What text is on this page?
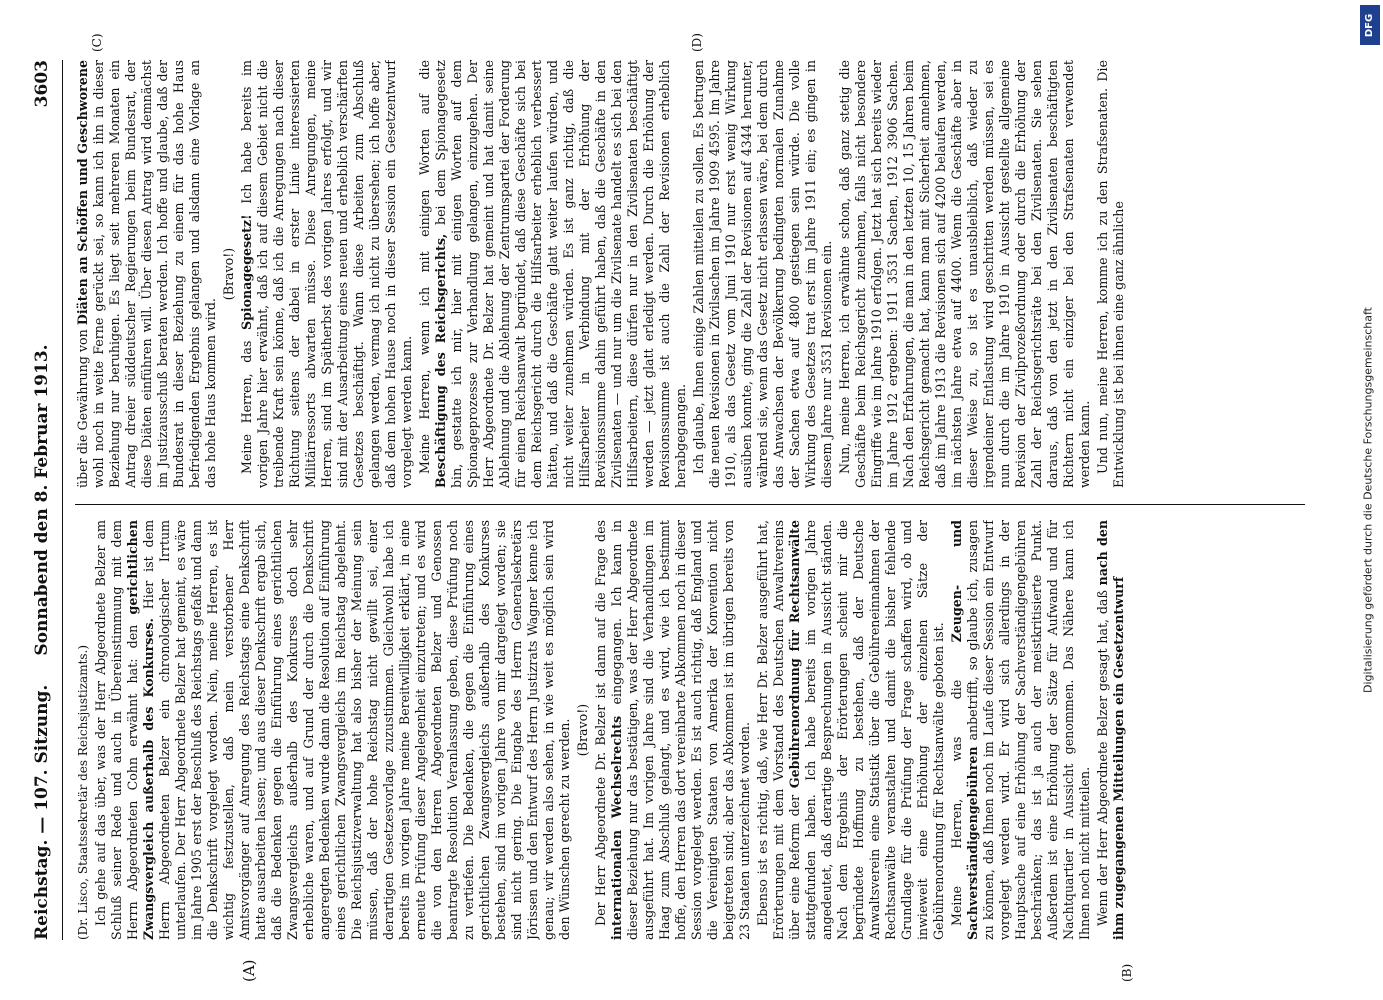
Reichstag. — 107. Sitzung.
Sonnabend den 8. Februar 1913.
3603
(A)	(B)
(C)	(D)

(Dr. Lisco, Staatssekretär des Reichsjustizamts.) Ich gehe auf das über, was der Herr Abgeordnete Belzer am Schluß seiner Rede und auch in Übereinstimmung mit dem Herrn Abgeordneten Cohn erwähnt hat: den gerichtlichen Zwangsvergleich außerhalb des Konkurses. Hier ist dem Herrn Abgeordneten Belzer ein chronologischer Irrtum unterlaufen. Der Herr Abgeordnete Belzer hat gemeint, es wäre im Jahre 1905 erst der Beschluß des Reichstags gefaßt und dann die Denkschrift vorgelegt worden. Nein, meine Herren, es ist wichtig festzustellen, daß mein verstorbener Herr Amtsvorgänger auf Anregung des Reichstags eine Denkschrift hatte ausarbeiten lassen; und aus dieser Denkschrift ergab sich, daß die Bedenken gegen die Einführung eines gerichtlichen Zwangsvergleichs außerhalb des Konkurses doch sehr erhebliche waren, und auf Grund der durch die Denkschrift angeregten Bedenken wurde dann die Resolution auf Einführung eines gerichtlichen Zwangsvergleichs im Reichstag abgelehnt. Die Reichsjustizverwaltung hat also bisher der Meinung sein müssen, daß der hohe Reichstag nicht gewillt sei, einer derartigen Gesetzesvorlage zuzustimmen. Gleichwohl habe ich bereits im vorigen Jahre meine Bereitwilligkeit erklärt, in eine erneute Prüfung dieser Angelegenheit einzutreten; und es wird die von den Herren Abgeordneten Belzer und Genossen beantragte Resolution Veranlassung geben, diese Prüfung noch zu vertiefen. Die Bedenken, die gegen die Einführung eines gerichtlichen Zwangsvergleichs außerhalb des Konkurses bestehen, sind im vorigen Jahre von mir dargelegt worden; sie sind nicht gering. Die Eingabe des Herrn Generalsekretärs Jörissen und den Entwurf des Herrn Justizrats Wagner kenne ich genau; wir werden also sehen, in wie weit es möglich sein wird den Wünschen gerecht zu werden. (Bravo!) Der Herr Abgeordnete Dr. Belzer ist dann auf die Frage des internationalen Wechselrechts eingegangen. Ich kann in dieser Beziehung nur das bestätigen, was der Herr Abgeordnete ausgeführt hat. Im vorigen Jahre sind die Verhandlungen im Haag zum Abschluß gelangt, und es wird, wie ich bestimmt hoffe, den Herren das dort vereinbarte Abkommen noch in dieser Session vorgelegt werden. Es ist auch richtig, daß England und die Vereinigten Staaten von Amerika der Konvention nicht beigetreten sind; aber das Abkommen ist im übrigen bereits von 23 Staaten unterzeichnet worden. Ebenso ist es richtig, daß, wie Herr Dr. Belzer ausgeführt hat, Erörterungen mit dem Vorstand des Deutschen Anwaltvereins über eine Reform der Gebührenordnung für Rechtsanwälte stattgefunden haben. Ich habe bereits im vorigen Jahre angedeutet, daß derartige Besprechungen in Aussicht ständen. Nach dem Ergebnis der Erörterungen scheint mir die begründete Hoffnung zu bestehen, daß der Deutsche Anwaltsverein eine Statistik über die Gebühreneinnahmen der Rechtsanwälte veranstalten und damit die bisher fehlende Grundlage für die Prüfung der Frage schaffen wird, ob und inwieweit eine Erhöhung der einzelnen Sätze der Gebührenordnung für Rechtsanwälte geboten ist. Meine Herren, was die Zeugen- und Sachverständigengebühren anbetrifft, so glaube ich, zusagen zu können, daß Ihnen noch im Laufe dieser Session ein Entwurf vorgelegt werden wird. Er wird sich allerdings in der Hauptsache auf eine Erhöhung der Sachverständigengebühren beschränken; das ist ja auch der meistkritisierte Punkt. Außerdem ist eine Erhöhung der Sätze für Aufwand und für Nachtquartier in Aussicht genommen. Das Nähere kann ich Ihnen noch nicht mitteilen. Wenn der Herr Abgeordnete Belzer gesagt hat, daß nach den ihm zugegangenen Mitteilungen ein Gesetzentwurf

über die Gewährung von Diäten an Schöffen und Geschworene wohl noch in weite Ferne gerückt sei, so kann ich ihn in dieser Beziehung nur beruhigen. Es liegt seit mehreren Monaten ein Antrag dreier süddeutscher Regierungen beim Bundesrat, der diese Diäten einführen will. Über diesen Antrag wird demnächst im Justizausschuß beraten werden. Ich hoffe und glaube, daß der Bundesrat in dieser Beziehung zu einem für das hohe Haus befriedigenden Ergebnis gelangen und alsdann eine Vorlage an das hohe Haus kommen wird.

(Bravo!)

Meine Herren, das Spionagegesetz! Ich habe bereits im vorigen Jahre hier erwähnt, daß ich auf diesem Gebiet nicht die treibende Kraft sein könne, daß ich die Anregungen nach dieser Richtung seitens der dabei in erster Linie interessierten Militärressorts abwarten müsse. Diese Anregungen, meine Herren, sind im Spätherbst des vorigen Jahres erfolgt, und wir sind mit der Ausarbeitung eines neuen und erheblich verschärften Gesetzes beschäftigt. Wann diese Arbeiten zum Abschluß gelangen werden, vermag ich nicht zu übersehen; ich hoffe aber, daß dem hohen Hause noch in dieser Session ein Gesetzentwurf vorgelegt werden kann. Meine Herren, wenn ich mit einigen Worten auf die Beschäftigung des Reichsgerichts, bei dem Spionagegesetz bin, gestatte ich mir, hier mit einigen Worten auf dem Spionageprozesse zur Verhandlung gelangen, einzugehen. Der Herr Abgeordnete Dr. Belzer hat gemeint und hat damit seine Ablehnung und die Ablehnung der Zentrumspartei der Forderung für einen Reichsanwalt begründet, daß diese Geschäfte sich bei dem Reichsgericht durch die Hilfsarbeiter erheblich verbessert hätten, und daß die Geschäfte glatt weiter laufen würden, und nicht weiter zunehmen würden. Es ist ganz richtig, daß die Hilfsarbeiter in Verbindung mit der Erhöhung der Revisionssumme dahin geführt haben, daß die Geschäfte in den Zivilsenaten — und nur um die Zivilsenate handelt es sich bei den Hilfsarbeitern, diese dürfen nur in den Zivilsenaten beschäftigt werden — jetzt glatt erledigt werden. Durch die Erhöhung der Revisionssumme ist auch die Zahl der Revisionen erheblich herabgegangen. Ich glaube, Ihnen einige Zahlen mitteilen zu sollen. Es betrugen die neuen Revisionen in Zivilsachen im Jahre 1909 4595. Im Jahre 1910, als das Gesetz vom Juni 1910 nur erst wenig Wirkung ausüben konnte, ging die Zahl der Revisionen auf 4344 herunter, während sie, wenn das Gesetz nicht erlassen wäre, bei dem durch das Anwachsen der Bevölkerung bedingten normalen Zunahme der Sachen etwa auf 4800 gestiegen sein würde. Die volle Wirkung des Gesetzes trat erst im Jahre 1911 ein; es gingen in diesem Jahre nur 3531 Revisionen ein. Nun, meine Herren, ich erwähnte schon, daß ganz stetig die Geschäfte beim Reichsgericht zunehmen, falls nicht besondere Eingriffe wie im Jahre 1910 erfolgen. Jetzt hat sich bereits wieder im Jahre 1912 ergeben: 1911 3531 Sachen, 1912 3906 Sachen. Nach den Erfahrungen, die man in den letzten 10, 15 Jahren beim Reichsgericht gemacht hat, kann man mit Sicherheit annehmen, daß im Jahre 1913 die Revisionen sich auf 4200 belaufen werden, im nächsten Jahre etwa auf 4400. Wenn die Geschäfte aber in dieser Weise zu, so ist es unausbleiblich, daß wieder zu irgendeiner Entlastung wird geschritten werden müssen, sei es nun durch die im Jahre 1910 in Aussicht gestellte allgemeine Revision der Zivilprozeßordnung oder durch die Erhöhung der Zahl der Reichsgerichtsräte bei den Zivilsenaten. Sie sehen daraus, daß von den jetzt in den Zivilsenaten beschäftigten Richtern nicht ein einziger bei den Strafsenaten verwendet werden kann. Und nun, meine Herren, komme ich zu den Strafsenaten. Die Entwicklung ist bei ihnen eine ganz ähnliche

DFG
Digitalisierung gefördert durch die Deutsche Forschungsgemeinschaft
